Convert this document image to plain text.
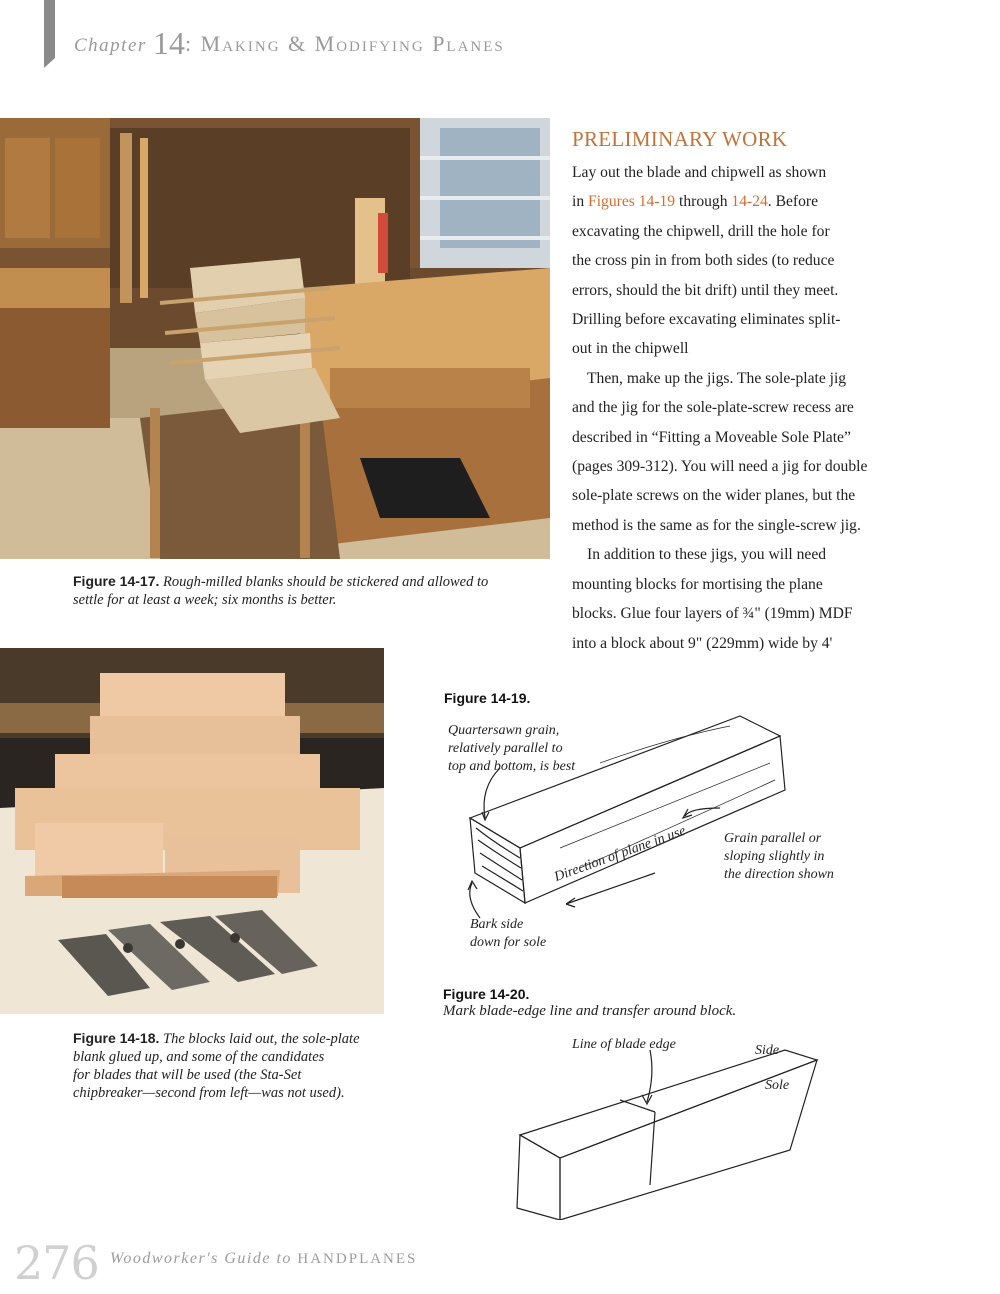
Chapter 14: Making & Modifying Planes
Figure 14-17. Rough-milled blanks should be stickered and allowed to
settle for at least a week; six months is better.
PRELIMINARY WORK

Lay out the blade and chipwell as shown

in Figures 14-19 through 14-24. Before

excavating the chipwell, drill the hole for

the cross pin in from both sides (to reduce

errors, should the bit drift) until they meet.

Drilling before excavating eliminates split-

out in the chipwell

Then, make up the jigs. The sole-plate jig

and the jig for the sole-plate-screw recess are

described in “Fitting a Moveable Sole Plate”

(pages 309-312). You will need a jig for double

sole-plate screws on the wider planes, but the

method is the same as for the single-screw jig.

In addition to these jigs, you will need

mounting blocks for mortising the plane

blocks. Glue four layers of ¾" (19mm) MDF

into a block about 9" (229mm) wide by 4'

Figure 14-18. The blocks laid out, the sole-plate
blank glued up, and some of the candidates
for blades that will be used (the Sta-Set
chipbreaker—second from left—was not used).
Figure 14-19.
Quartersawn grain,
relatively parallel to
top and bottom, is best
Grain parallel or
sloping slightly in
the direction shown
Bark side
down for sole
Direction of plane in use
Figure 14-20.
Mark blade-edge line and transfer around block.
Line of blade edge	Side
Sole
276 Woodworker's Guide to HANDPLANES
